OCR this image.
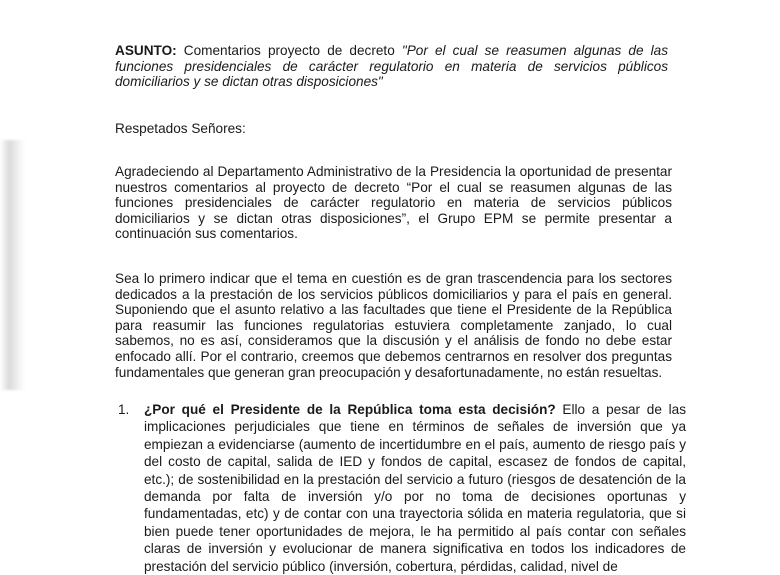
ASUNTO: Comentarios proyecto de decreto "Por el cual se reasumen algunas de las funciones presidenciales de carácter regulatorio en materia de servicios públicos domiciliarios y se dictan otras disposiciones"
Respetados Señores:
Agradeciendo al Departamento Administrativo de la Presidencia la oportunidad de presentar nuestros comentarios al proyecto de decreto “Por el cual se reasumen algunas de las funciones presidenciales de carácter regulatorio en materia de servicios públicos domiciliarios y se dictan otras disposiciones”, el Grupo EPM se permite presentar a continuación sus comentarios.
Sea lo primero indicar que el tema en cuestión es de gran trascendencia para los sectores dedicados a la prestación de los servicios públicos domiciliarios y para el país en general. Suponiendo que el asunto relativo a las facultades que tiene el Presidente de la República para reasumir las funciones regulatorias estuviera completamente zanjado, lo cual sabemos, no es así, consideramos que la discusión y el análisis de fondo no debe estar enfocado allí. Por el contrario, creemos que debemos centrarnos en resolver dos preguntas fundamentales que generan gran preocupación y desafortunadamente, no están resueltas.
1.	¿Por qué el Presidente de la República toma esta decisión? Ello a pesar de las implicaciones perjudiciales que tiene en términos de señales de inversión que ya empiezan a evidenciarse (aumento de incertidumbre en el país, aumento de riesgo país y del costo de capital, salida de IED y fondos de capital, escasez de fondos de capital, etc.); de sostenibilidad en la prestación del servicio a futuro (riesgos de desatención de la demanda por falta de inversión y/o por no toma de decisiones oportunas y fundamentadas, etc) y de contar con una trayectoria sólida en materia regulatoria, que si bien puede tener oportunidades de mejora, le ha permitido al país contar con señales claras de inversión y evolucionar de manera significativa en todos los indicadores de prestación del servicio público (inversión, cobertura, pérdidas, calidad, nivel de
